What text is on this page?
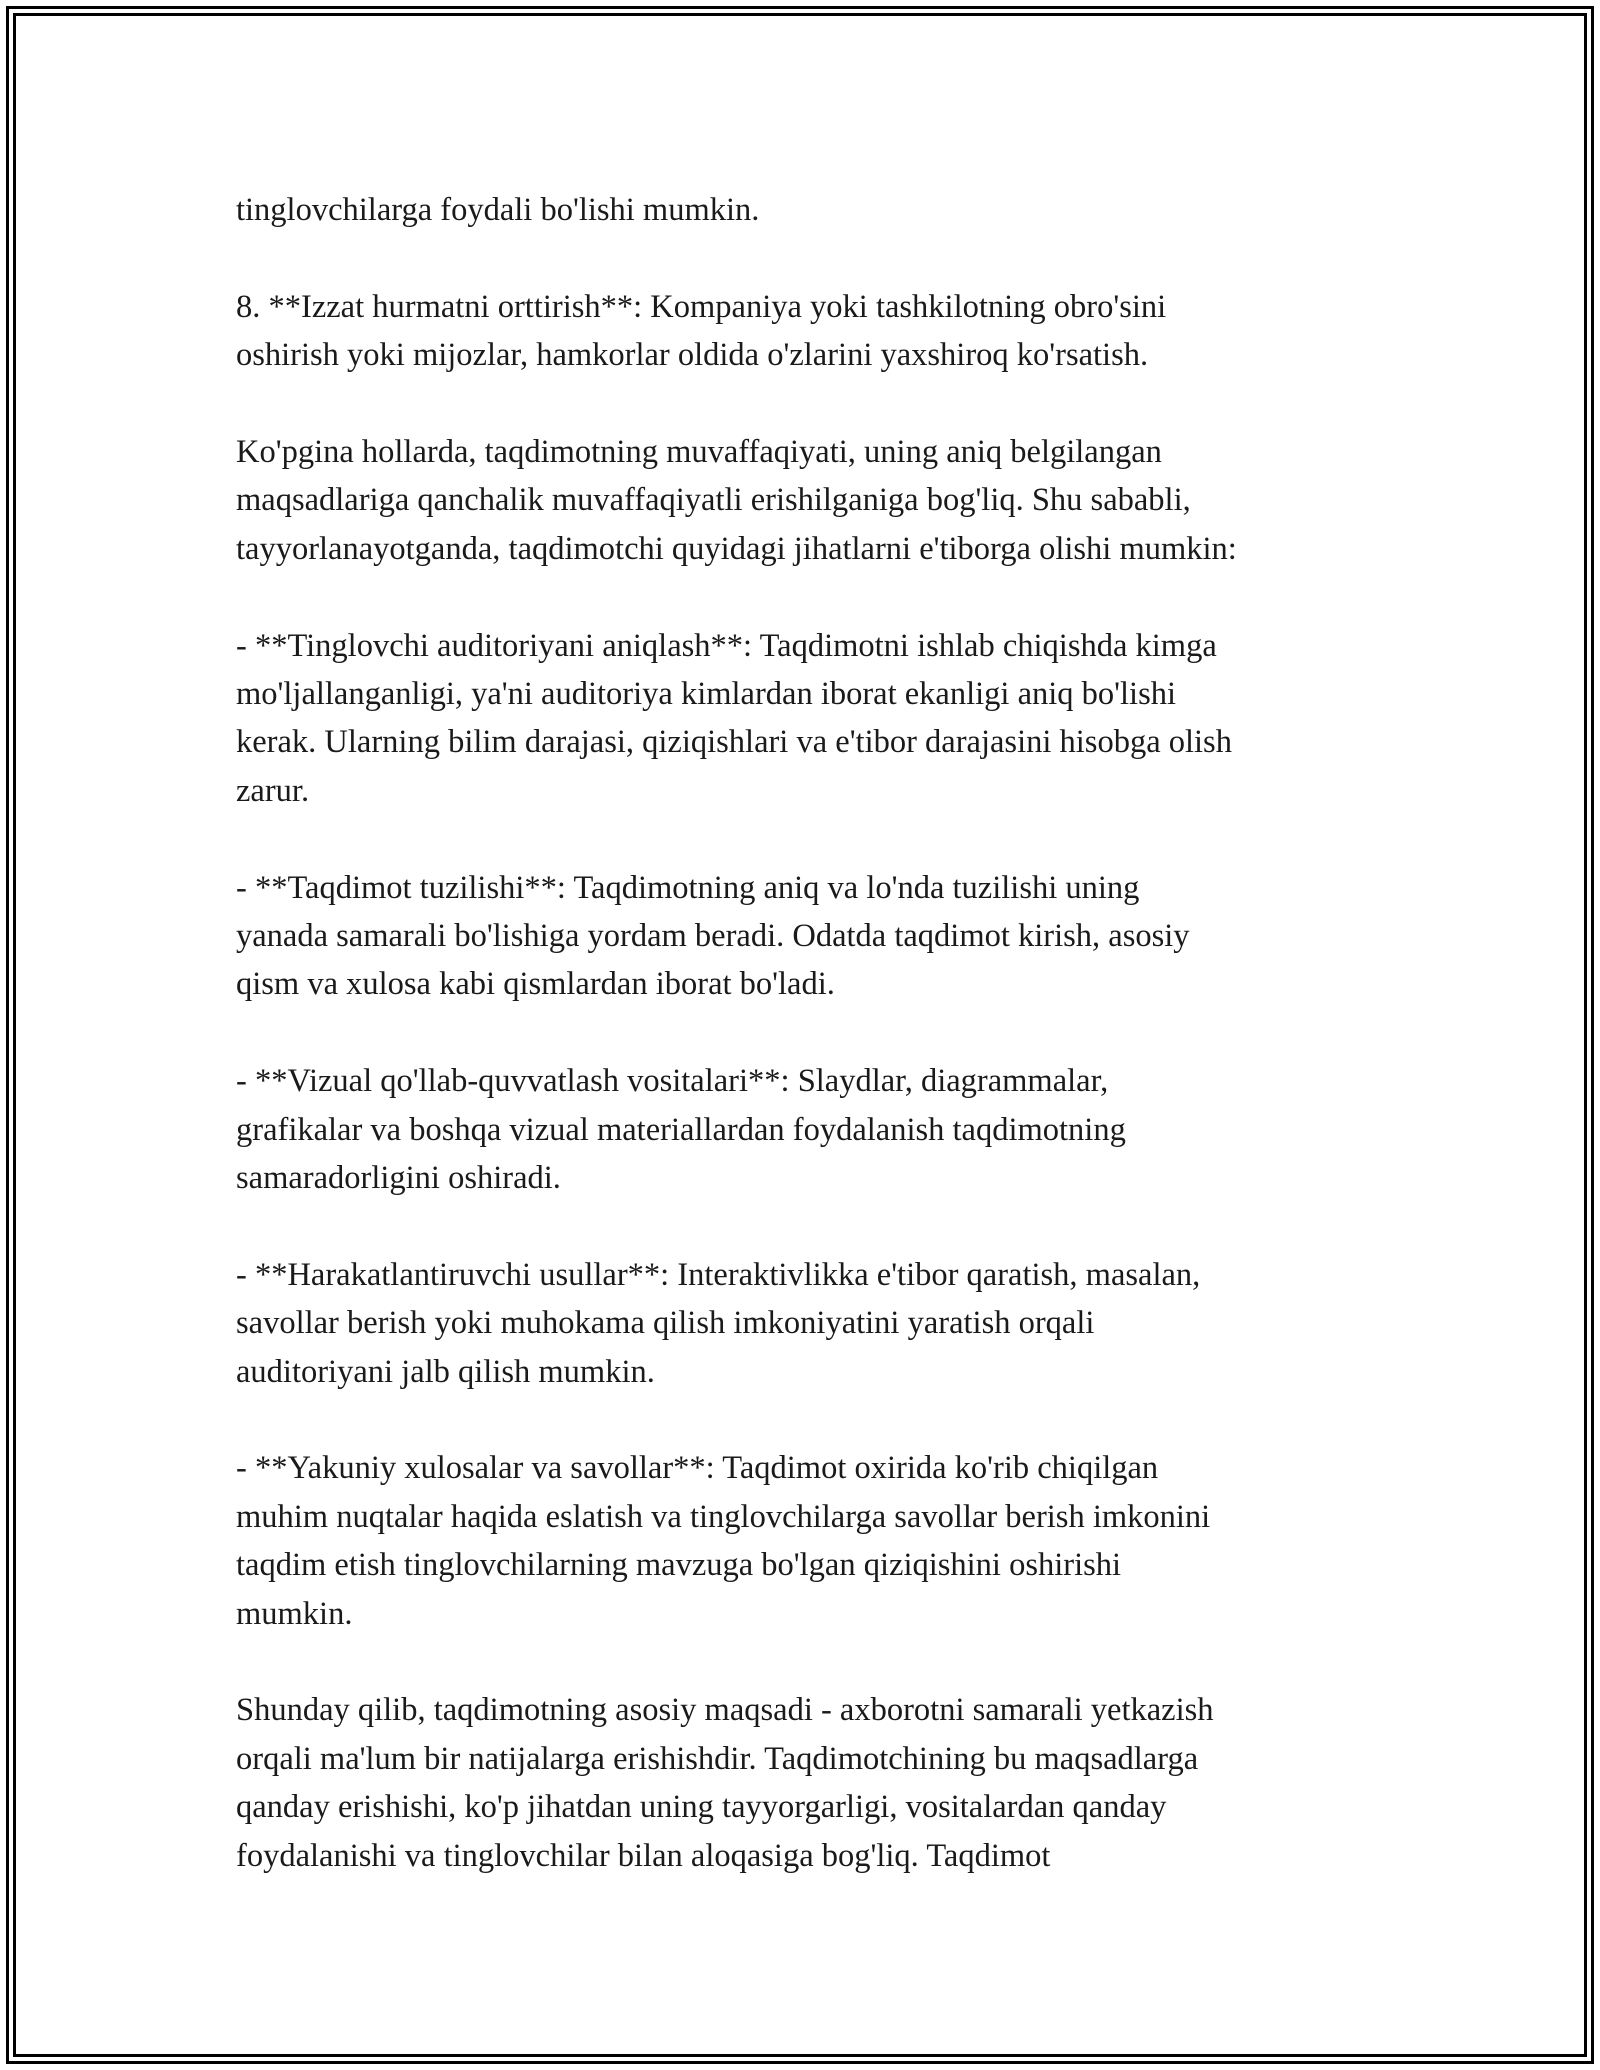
tinglovchilarga foydali bo'lishi mumkin.

8. **Izzat hurmatni orttirish**: Kompaniya yoki tashkilotning obro'sini
oshirish yoki mijozlar, hamkorlar oldida o'zlarini yaxshiroq ko'rsatish.

Ko'pgina hollarda, taqdimotning muvaffaqiyati, uning aniq belgilangan
maqsadlariga qanchalik muvaffaqiyatli erishilganiga bog'liq. Shu sababli,
tayyorlanayotganda, taqdimotchi quyidagi jihatlarni e'tiborga olishi mumkin:

- **Tinglovchi auditoriyani aniqlash**: Taqdimotni ishlab chiqishda kimga
mo'ljallanganligi, ya'ni auditoriya kimlardan iborat ekanligi aniq bo'lishi
kerak. Ularning bilim darajasi, qiziqishlari va e'tibor darajasini hisobga olish
zarur.

- **Taqdimot tuzilishi**: Taqdimotning aniq va lo'nda tuzilishi uning
yanada samarali bo'lishiga yordam beradi. Odatda taqdimot kirish, asosiy
qism va xulosa kabi qismlardan iborat bo'ladi.

- **Vizual qo'llab-quvvatlash vositalari**: Slaydlar, diagrammalar,
grafikalar va boshqa vizual materiallardan foydalanish taqdimotning
samaradorligini oshiradi.

- **Harakatlantiruvchi usullar**: Interaktivlikka e'tibor qaratish, masalan,
savollar berish yoki muhokama qilish imkoniyatini yaratish orqali
auditoriyani jalb qilish mumkin.

- **Yakuniy xulosalar va savollar**: Taqdimot oxirida ko'rib chiqilgan
muhim nuqtalar haqida eslatish va tinglovchilarga savollar berish imkonini
taqdim etish tinglovchilarning mavzuga bo'lgan qiziqishini oshirishi
mumkin.

Shunday qilib, taqdimotning asosiy maqsadi - axborotni samarali yetkazish
orqali ma'lum bir natijalarga erishishdir. Taqdimotchining bu maqsadlarga
qanday erishishi, ko'p jihatdan uning tayyorgarligi, vositalardan qanday
foydalanishi va tinglovchilar bilan aloqasiga bog'liq. Taqdimot
